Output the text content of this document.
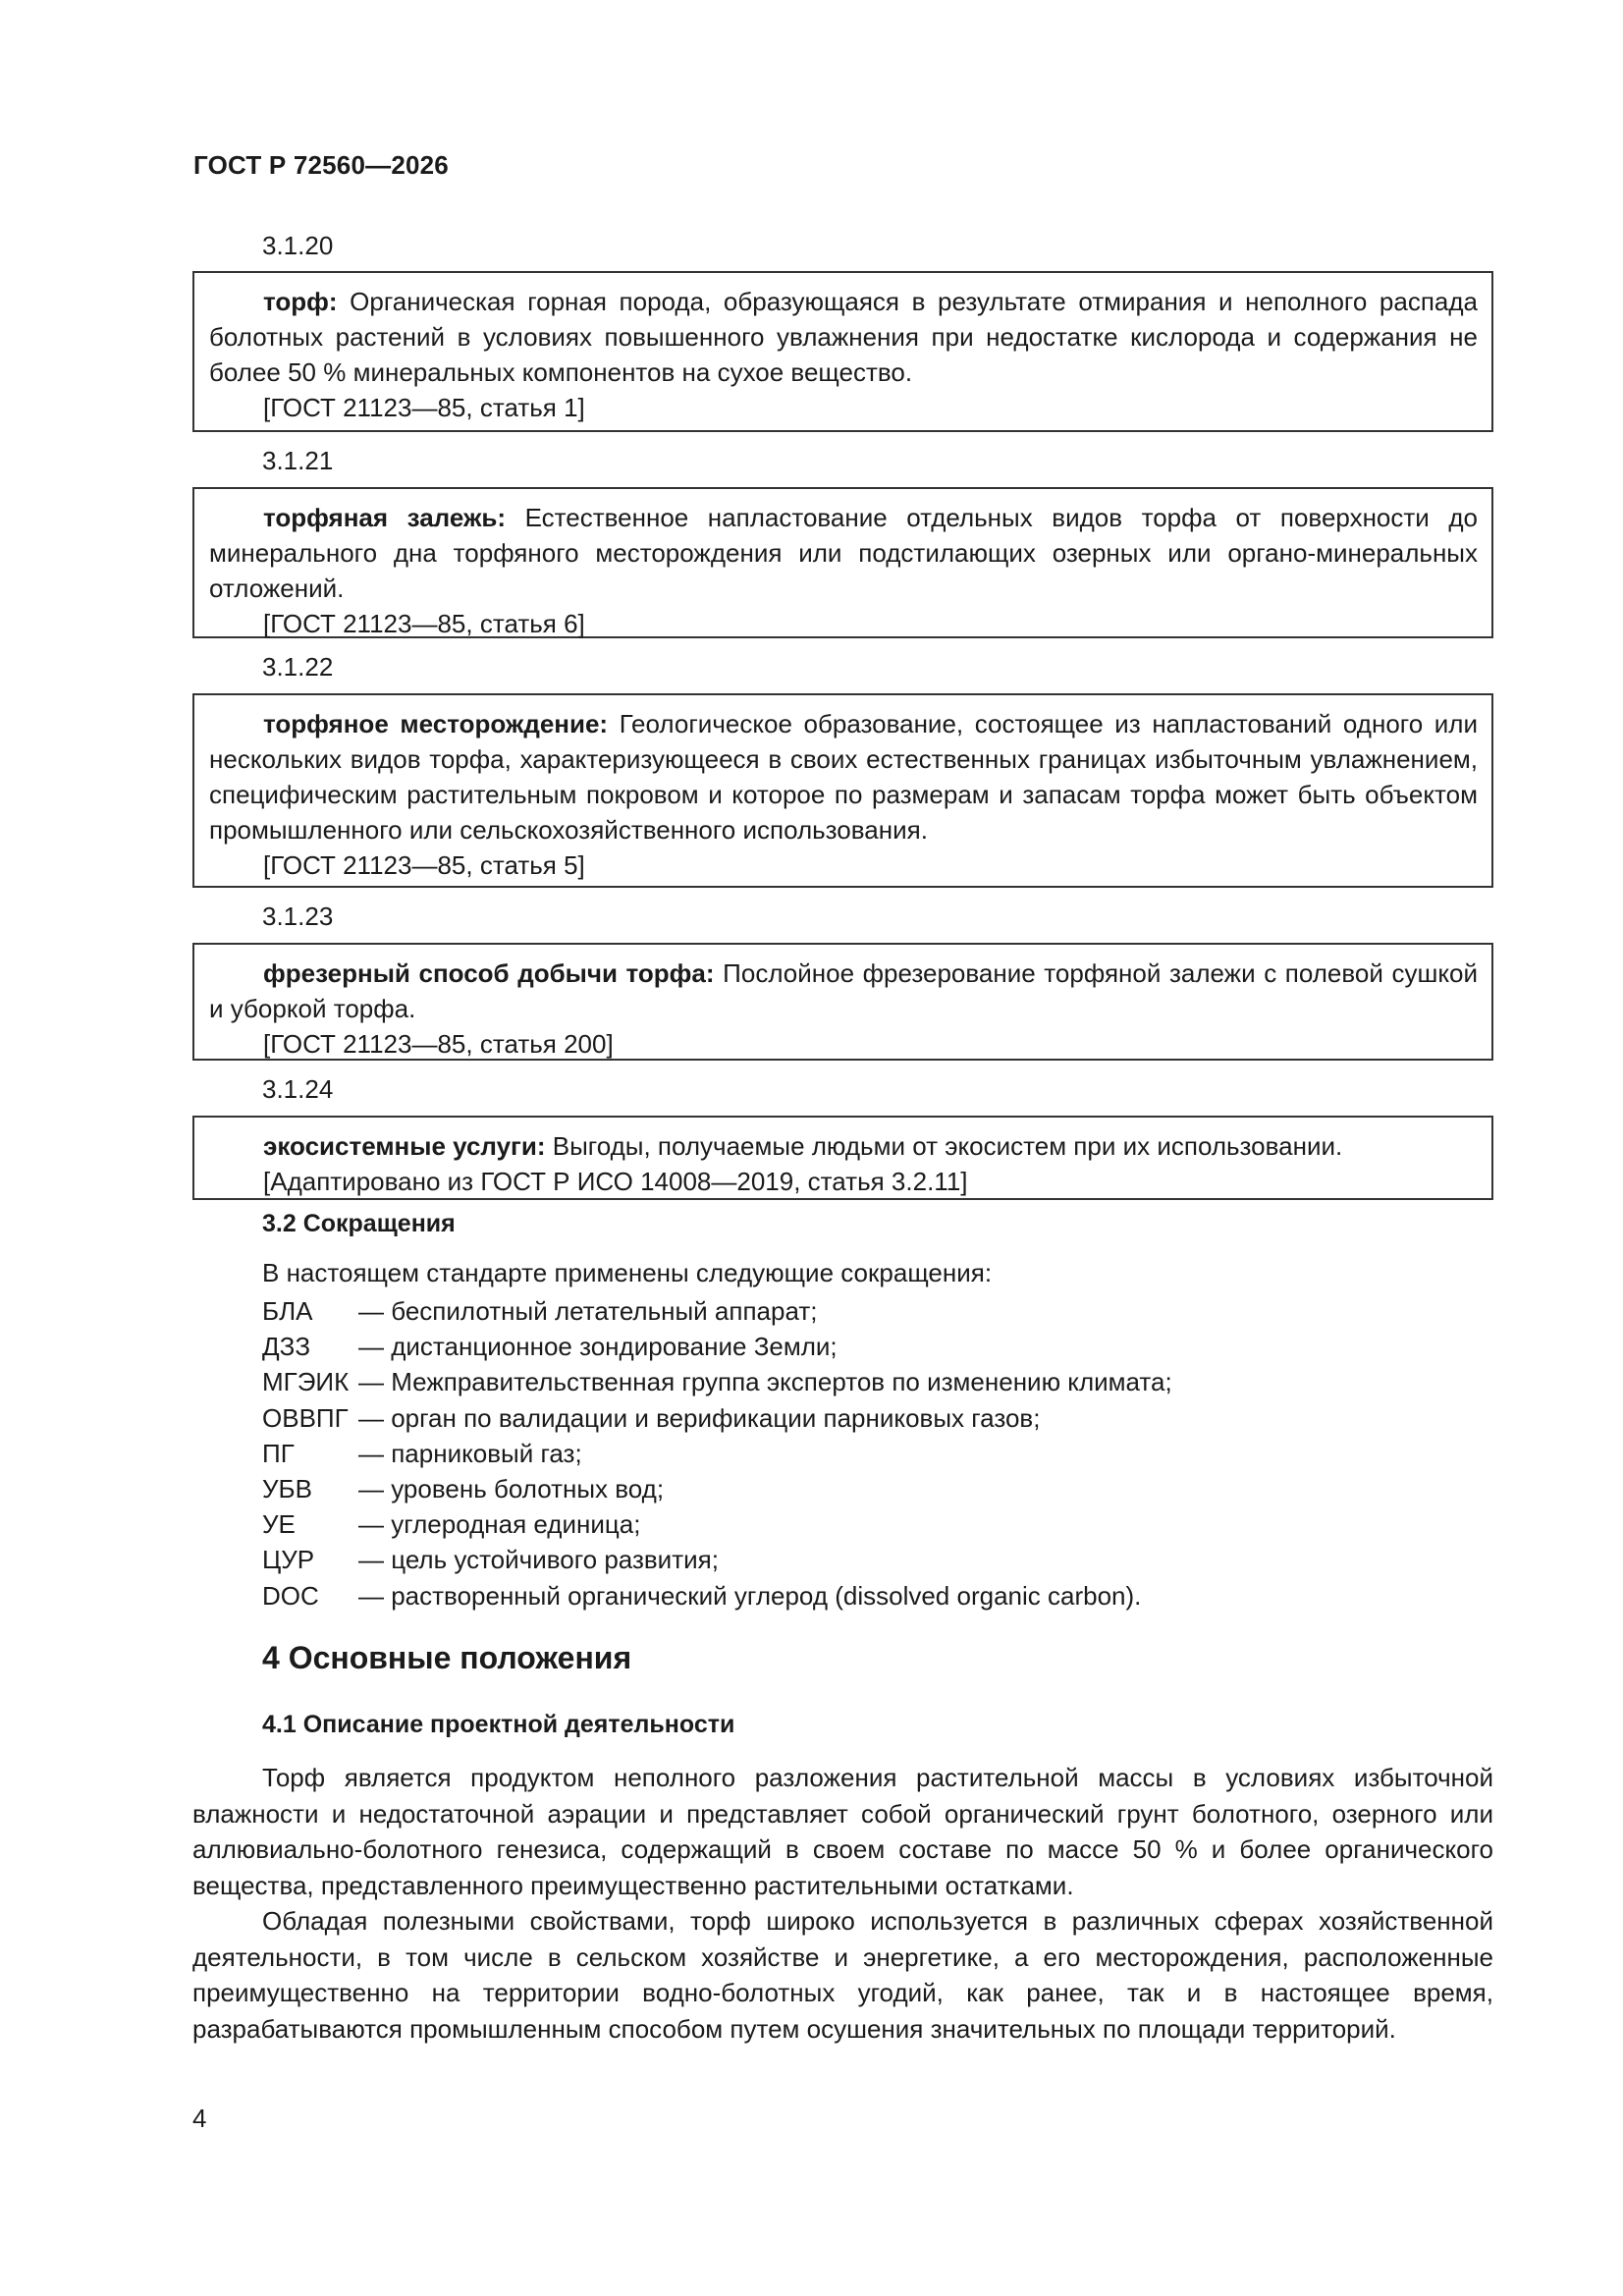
ГОСТ Р 72560—2026
3.1.20

торф: Органическая горная порода, образующаяся в результате отмирания и неполного распада болотных растений в условиях повышенного увлажнения при недостатке кислорода и содержания не более 50 % минеральных компонентов на сухое вещество.

[ГОСТ 21123—85, статья 1]
3.1.21

торфяная залежь: Естественное напластование отдельных видов торфа от поверхности до минерального дна торфяного месторождения или подстилающих озерных или органо-минеральных отложений.

[ГОСТ 21123—85, статья 6]
3.1.22

торфяное месторождение: Геологическое образование, состоящее из напластований одного или нескольких видов торфа, характеризующееся в своих естественных границах избыточным увлажнением, специфическим растительным покровом и которое по размерам и запасам торфа может быть объектом промышленного или сельскохозяйственного использования.

[ГОСТ 21123—85, статья 5]
3.1.23

фрезерный способ добычи торфа: Послойное фрезерование торфяной залежи с полевой сушкой и уборкой торфа.

[ГОСТ 21123—85, статья 200]
3.1.24

экосистемные услуги: Выгоды, получаемые людьми от экосистем при их использовании.

[Адаптировано из ГОСТ Р ИСО 14008—2019, статья 3.2.11]
3.2 Сокращения
В настоящем стандарте применены следующие сокращения:
БЛА	— беспилотный летательный аппарат;
ДЗЗ	— дистанционное зондирование Земли;
МГЭИК — Межправительственная группа экспертов по изменению климата;
ОВВПГ — орган по валидации и верификации парниковых газов;
ПГ	— парниковый газ;
УБВ	— уровень болотных вод;
УЕ	— углеродная единица;
ЦУР	— цель устойчивого развития;
DOC	— растворенный органический углерод (dissolved organic carbon).
4 Основные положения
4.1 Описание проектной деятельности

Торф является продуктом неполного разложения растительной массы в условиях избыточной влажности и недостаточной аэрации и представляет собой органический грунт болотного, озерного или аллювиально-болотного генезиса, содержащий в своем составе по массе 50 % и более органического вещества, представленного преимущественно растительными остатками.

Обладая полезными свойствами, торф широко используется в различных сферах хозяйственной деятельности, в том числе в сельском хозяйстве и энергетике, а его месторождения, расположенные преимущественно на территории водно-болотных угодий, как ранее, так и в настоящее время, разрабатываются промышленным способом путем осушения значительных по площади территорий.

4
